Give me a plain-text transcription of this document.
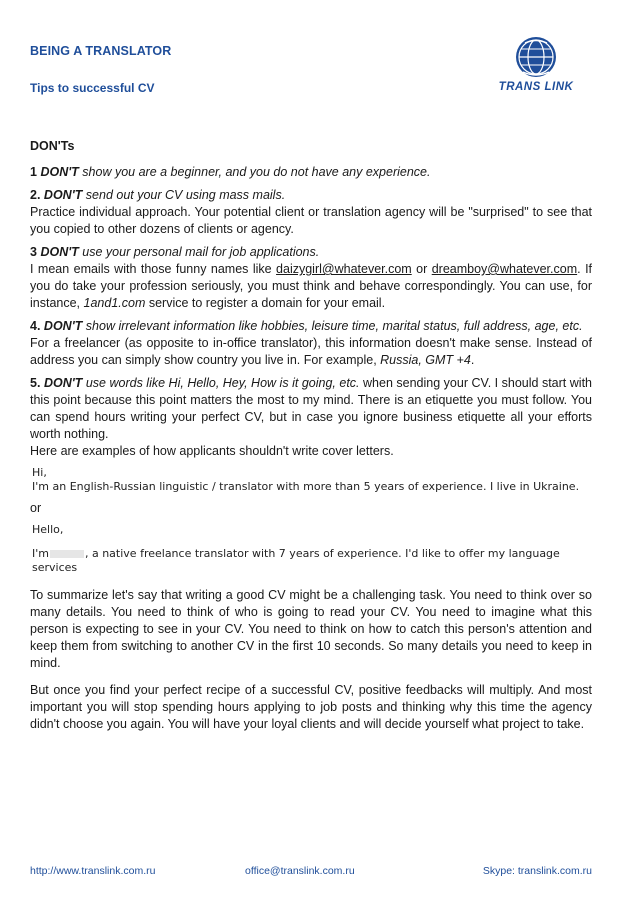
BEING A TRANSLATOR
Tips to successful CV	TRANS LINK

DON'Ts

1 DON'T show you are a beginner, and you do not have any experience.

2. DON'T send out your CV using mass mails.
Practice individual approach. Your potential client or translation agency will be "surprised" to see that you copied to other dozens of clients or agency.

3 DON'T use your personal mail for job applications.
I mean emails with those funny names like daizygirl@whatever.com or dreamboy@whatever.com. If you do take your profession seriously, you must think and behave correspondingly. You can use, for instance, 1and1.com service to register a domain for your email.

4. DON'T show irrelevant information like hobbies, leisure time, marital status, full address, age, etc.
For a freelancer (as opposite to in-office translator), this information doesn't make sense. Instead of address you can simply show country you live in. For example, Russia, GMT +4.

5. DON'T use words like Hi, Hello, Hey, How is it going, etc. when sending your CV. I should start with this point because this point matters the most to my mind. There is an etiquette you must follow. You can spend hours writing your perfect CV, but in case you ignore business etiquette all your efforts worth nothing.
Here are examples of how applicants shouldn't write cover letters.

Hi,
I'm an English-Russian linguistic / translator with more than 5 years of experience. I live in Ukraine.
or
Hello,
I'm	, a native freelance translator with 7 years of experience. I'd like to offer my language services

To summarize let's say that writing a good CV might be a challenging task. You need to think over so many details. You need to think of who is going to read your CV. You need to imagine what this person is expecting to see in your CV. You need to think on how to catch this person's attention and keep them from switching to another CV in the first 10 seconds. So many details you need to keep in mind.

But once you find your perfect recipe of a successful CV, positive feedbacks will multiply. And most important you will stop spending hours applying to job posts and thinking why this time the agency didn't choose you again. You will have your loyal clients and will decide yourself what project to take.

http://www.translink.com.ru	office@translink.com.ru	Skype: translink.com.ru
